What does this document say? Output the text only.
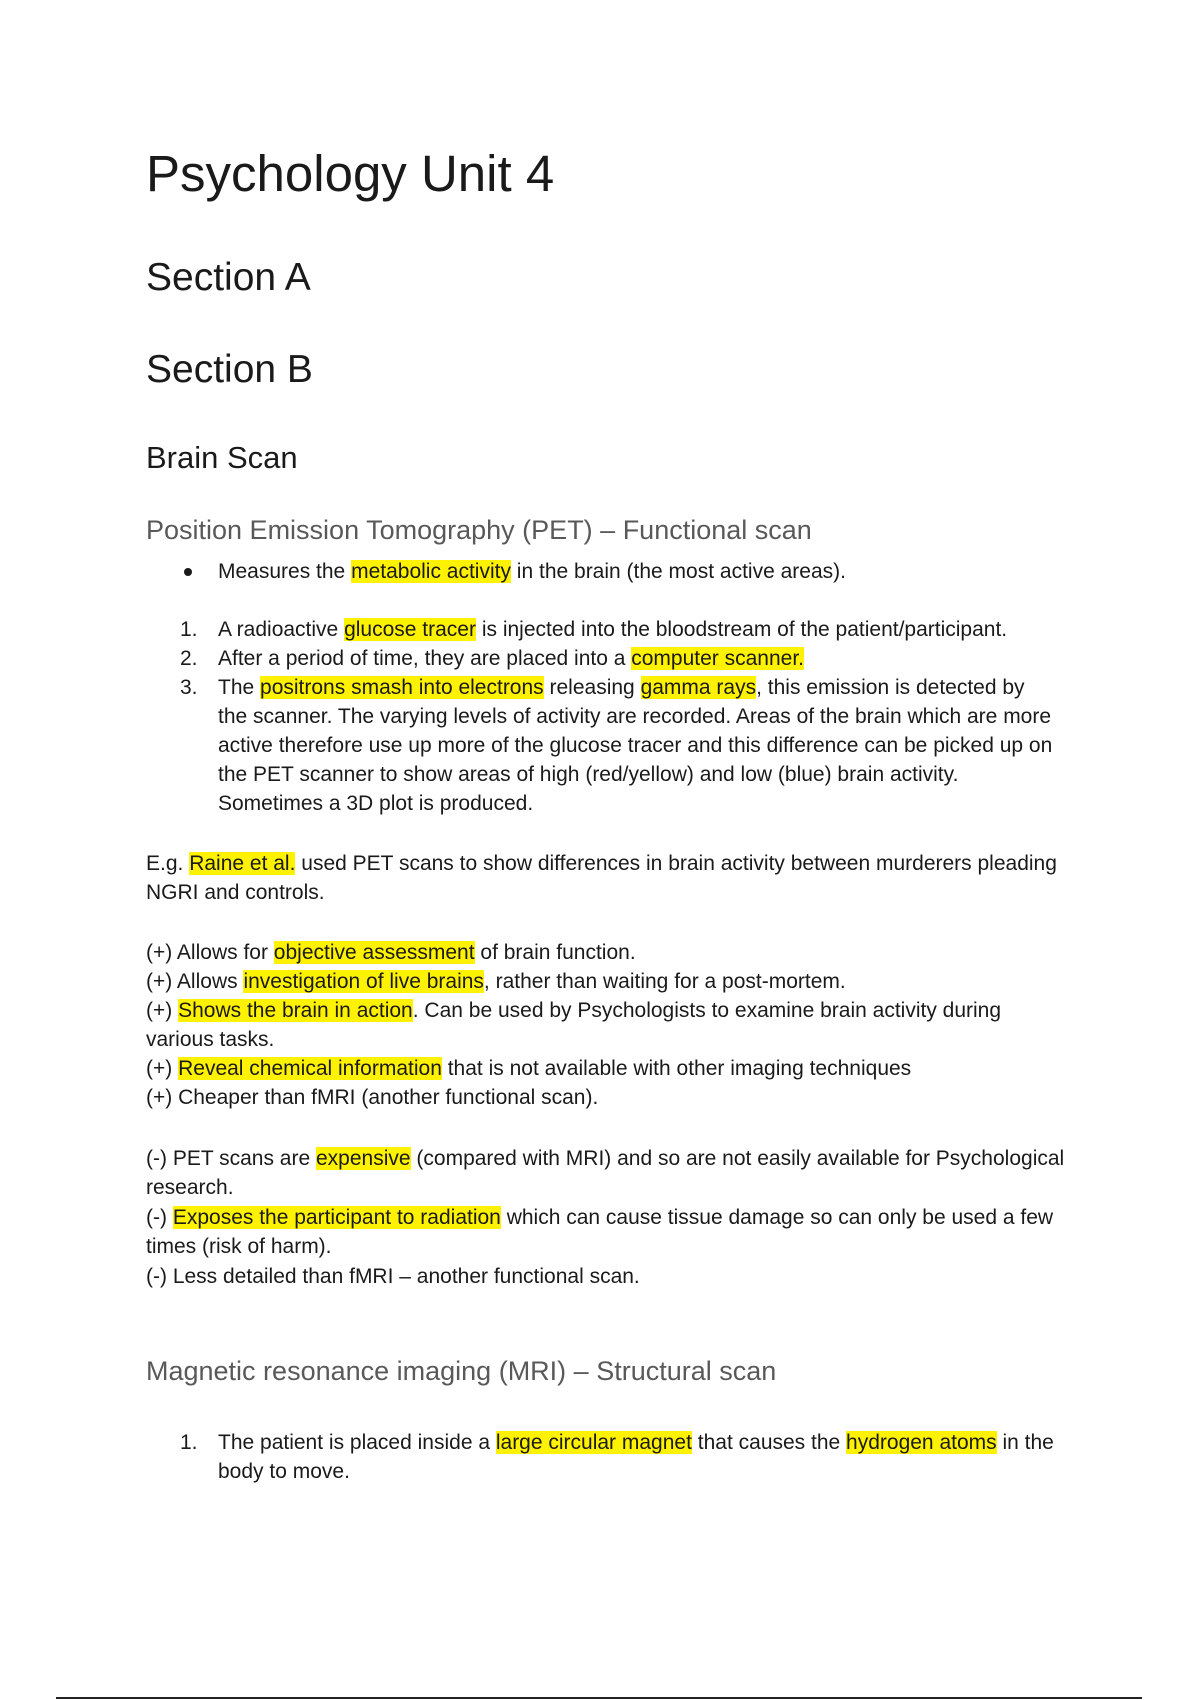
Psychology Unit 4
Section A
Section B
Brain Scan
Position Emission Tomography (PET) – Functional scan
Measures the metabolic activity in the brain (the most active areas).
1. A radioactive glucose tracer is injected into the bloodstream of the patient/participant.
2. After a period of time, they are placed into a computer scanner.
3. The positrons smash into electrons releasing gamma rays, this emission is detected by the scanner. The varying levels of activity are recorded. Areas of the brain which are more active therefore use up more of the glucose tracer and this difference can be picked up on the PET scanner to show areas of high (red/yellow) and low (blue) brain activity. Sometimes a 3D plot is produced.

E.g. Raine et al. used PET scans to show differences in brain activity between murderers pleading NGRI and controls.

(+) Allows for objective assessment of brain function.

(+) Allows investigation of live brains, rather than waiting for a post-mortem.

(+) Shows the brain in action. Can be used by Psychologists to examine brain activity during various tasks.

(+) Reveal chemical information that is not available with other imaging techniques

(+) Cheaper than fMRI (another functional scan).

(-) PET scans are expensive (compared with MRI) and so are not easily available for Psychological research.

(-) Exposes the participant to radiation which can cause tissue damage so can only be used a few times (risk of harm).

(-) Less detailed than fMRI – another functional scan.

Magnetic resonance imaging (MRI) – Structural scan
1. The patient is placed inside a large circular magnet that causes the hydrogen atoms in the body to move.
